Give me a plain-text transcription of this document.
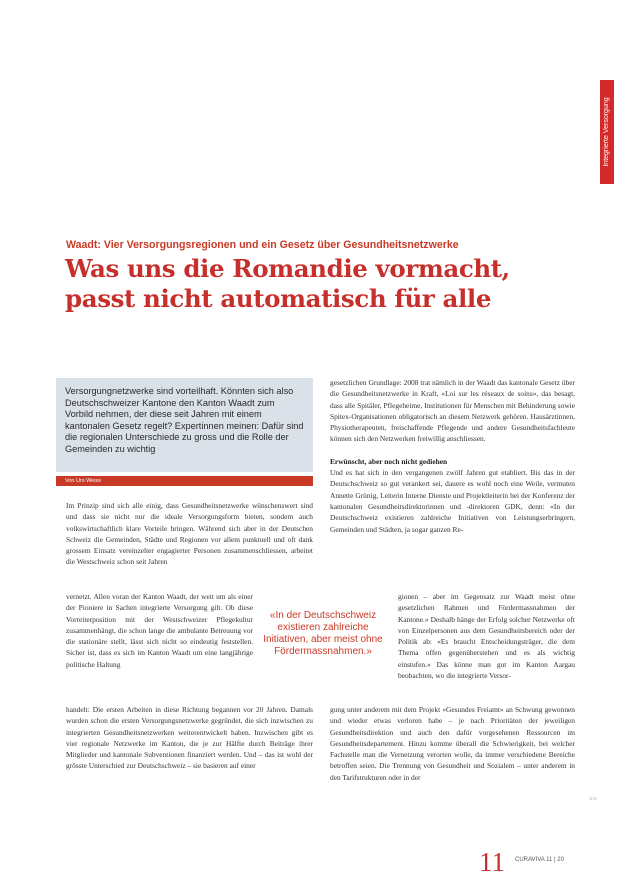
Integrierte Versorgung
Waadt: Vier Versorgungsregionen und ein Gesetz über Gesundheitsnetzwerke
Was uns die Romandie vormacht, passt nicht automatisch für alle
Versorgungnetzwerke sind vorteilhaft. Könnten sich also Deutschschweizer Kantone den Kanton Waadt zum Vorbild nehmen, der diese seit Jahren mit einem kantonalen Gesetz regelt? Expertinnen meinen: Dafür sind die regionalen Unterschiede zu gross und die Rolle der Gemeinden zu wichtig
Von Urs Weiss

Im Prinzip sind sich alle einig, dass Gesundheitsnetzwerke wünschenswert sind und dass sie nicht nur die ideale Versorgungsform bieten, sondern auch volkswirtschaftlich klare Vorteile bringen. Während sich aber in der Deutschen Schweiz die Gemeinden, Städte und Regionen vor allem punktuell und oft dank grossem Einsatz vereinzelter engagierter Personen zusammenschliessen, arbeitet die Westschweiz schon seit Jahren

vernetzt. Allen voran der Kanton Waadt, der weit um als einer der Pioniere in Sachen integrierte Versorgung gilt. Ob diese Vorreiterposition mit der Westschweizer Pflegekultur zusammenhängt, die schon lange die ambulante Betreuung vor die stationäre stellt, lässt sich nicht so eindeutig feststellen. Sicher ist, dass es sich im Kanton Waadt um eine langjährige politische Haltung

handelt: Die ersten Arbeiten in diese Richtung begannen vor 20 Jahren. Damals wurden schon die ersten Versorgungsnetzwerke gegründet, die sich inzwischen zu integrierten Gesundheitsnetzwerken weiterentwickelt haben. Inzwischen gibt es vier regionale Netzwerke im Kanton, die je zur Hälfte durch Beiträge ihrer Mitglieder und kantonale Subventionen finanziert werden. Und – das ist wohl der grösste Unterschied zur Deutschschweiz – sie basieren auf einer

gesetzlichen Grundlage: 2008 trat nämlich in der Waadt das kantonale Gesetz über die Gesundheitsnetzwerke in Kraft, «Loi sur les réseaux de soins», das besagt, dass alle Spitäler, Pflegeheime, Institutionen für Menschen mit Behinderung sowie Spitex-Organisationen obligatorisch an diesem Netzwerk gehören. Hausärztinnen, Physiotherapeuten, freischaffende Pflegende und andere Gesundheitsfachleute können sich den Netzwerken freiwillig anschliessen.

Erwünscht, aber noch nicht gediehen

Und es hat sich in den vergangenen zwölf Jahren gut etabliert. Bis das in der Deutschschweiz so gut verankert sei, dauere es wohl noch eine Weile, vermuten Annette Grünig, Leiterin Interne Dienste und Projektleiterin bei der Konferenz der kantonalen Gesundheitsdirektorinnen und -direktoren GDK, denn: «In der Deutschschweiz existieren zahlreiche Initiativen von Leistungserbringern, Gemeinden und Städten, ja sogar ganzen Re-

gionen – aber im Gegensatz zur Waadt meist ohne gesetzlichen Rahmen und Fördermassnahmen der Kantone.» Deshalb hänge der Erfolg solcher Netzwerke oft von Einzelpersonen aus dem Gesundheitsbereich oder der Politik ab: «Es braucht Entscheidungsträger, die dem Thema offen gegenüberstehen und es als wichtig einstufen.» Das könne man gut im Kanton Aargau beobachten, wo die integrierte Versor-

gung unter anderem mit dem Projekt «Gesundes Freiamt» an Schwung gewonnen und wieder etwas verloren habe – je nach Prioritäten der jeweiligen Gesundheitsdirektion und auch den dafür vorgesehenen Ressourcen im Gesundheitsdepartement. Hinzu komme überall die Schwierigkeit, bei welcher Fachstelle man die Vernetzung verorten wolle, da immer verschiedene Bereiche betroffen seien. Die Trennung von Gesundheit und Sozialem – unter anderem in den Tarifstrukturen oder in der

«In der Deutschschweiz existieren zahlreiche Initiativen, aber meist ohne Fördermassnahmen.»
>>
11 CURAVIVA 11 | 20
